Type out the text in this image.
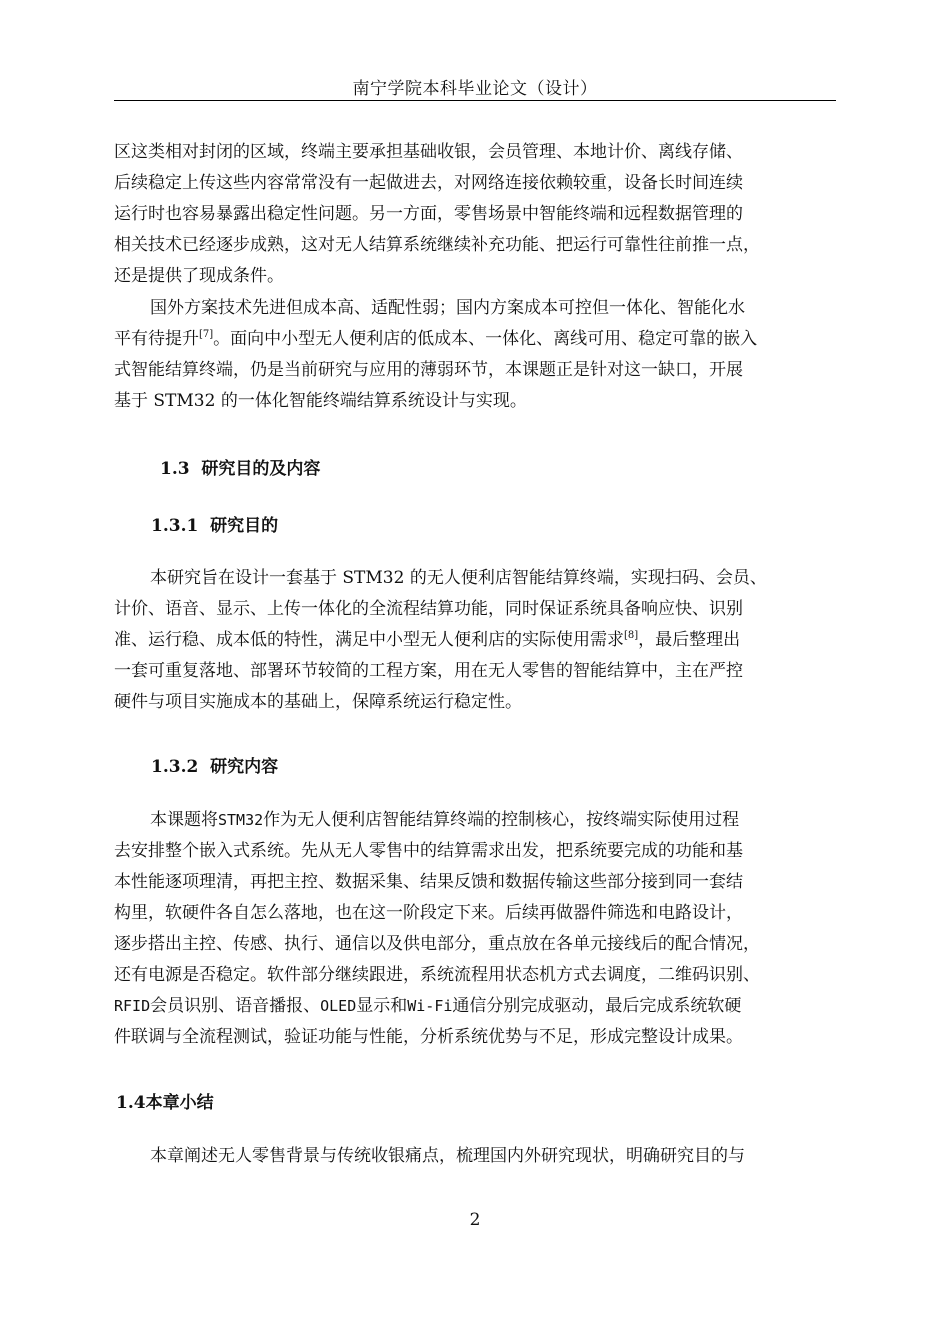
南宁学院本科毕业论文（设计）
区这类相对封闭的区域，终端主要承担基础收银，会员管理、本地计价、离线存储、
后续稳定上传这些内容常常没有一起做进去，对网络连接依赖较重，设备长时间连续
运行时也容易暴露出稳定性问题。另一方面，零售场景中智能终端和远程数据管理的
相关技术已经逐步成熟，这对无人结算系统继续补充功能、把运行可靠性往前推一点，
还是提供了现成条件。
国外方案技术先进但成本高、适配性弱；国内方案成本可控但一体化、智能化水
平有待提升[7]。面向中小型无人便利店的低成本、一体化、离线可用、稳定可靠的嵌入
式智能结算终端，仍是当前研究与应用的薄弱环节，本课题正是针对这一缺口，开展
基于 STM32 的一体化智能终端结算系统设计与实现。
1.3 研究目的及内容
1.3.1 研究目的
本研究旨在设计一套基于 STM32 的无人便利店智能结算终端，实现扫码、会员、
计价、语音、显示、上传一体化的全流程结算功能，同时保证系统具备响应快、识别
准、运行稳、成本低的特性，满足中小型无人便利店的实际使用需求[8]，最后整理出
一套可重复落地、部署环节较简的工程方案，用在无人零售的智能结算中，主在严控
硬件与项目实施成本的基础上，保障系统运行稳定性。
1.3.2 研究内容
本课题将STM32作为无人便利店智能结算终端的控制核心，按终端实际使用过程
去安排整个嵌入式系统。先从无人零售中的结算需求出发，把系统要完成的功能和基
本性能逐项理清，再把主控、数据采集、结果反馈和数据传输这些部分接到同一套结
构里，软硬件各自怎么落地，也在这一阶段定下来。后续再做器件筛选和电路设计，
逐步搭出主控、传感、执行、通信以及供电部分，重点放在各单元接线后的配合情况，
还有电源是否稳定。软件部分继续跟进，系统流程用状态机方式去调度，二维码识别、
RFID会员识别、语音播报、OLED显示和Wi-Fi通信分别完成驱动，最后完成系统软硬
件联调与全流程测试，验证功能与性能，分析系统优势与不足，形成完整设计成果。
1.4本章小结
本章阐述无人零售背景与传统收银痛点，梳理国内外研究现状，明确研究目的与
2
